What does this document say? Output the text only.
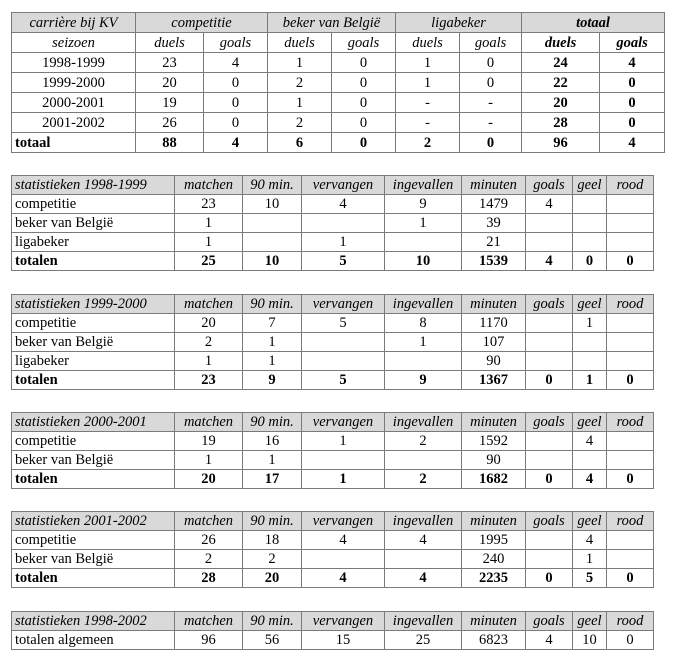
carrière bij KV	competitie		beker van België		ligabeker		totaal	
seizoen	duels	goals	duels	goals	duels	goals	duels	goals
1998-1999	23	4	1	0	1	0	24	4
1999-2000	20	0	2	0	1	0	22	0
2000-2001	19	0	1	0	-	-	20	0
2001-2002	26	0	2	0	-	-	28	0
totaal	88	4	6	0	2	0	96	4
statistieken 1998-1999	matchen	90 min.	vervangen	ingevallen	minuten	goals	geel	rood
competitie	23	10	4	9	1479	4		
beker van België	1			1	39			
ligabeker	1		1		21			
totalen	25	10	5	10	1539	4	0	0
statistieken 1999-2000	matchen	90 min.	vervangen	ingevallen	minuten	goals	geel	rood
competitie	20	7	5	8	1170		1	
beker van België	2	1		1	107			
ligabeker	1	1			90			
totalen	23	9	5	9	1367	0	1	0
statistieken 2000-2001	matchen	90 min.	vervangen	ingevallen	minuten	goals	geel	rood
competitie	19	16	1	2	1592		4	
beker van België	1	1			90			
totalen	20	17	1	2	1682	0	4	0
statistieken 2001-2002	matchen	90 min.	vervangen	ingevallen	minuten	goals	geel	rood
competitie	26	18	4	4	1995		4	
beker van België	2	2			240		1	
totalen	28	20	4	4	2235	0	5	0
statistieken 1998-2002	matchen	90 min.	vervangen	ingevallen	minuten	goals	geel	rood
totalen algemeen	96	56	15	25	6823	4	10	0
